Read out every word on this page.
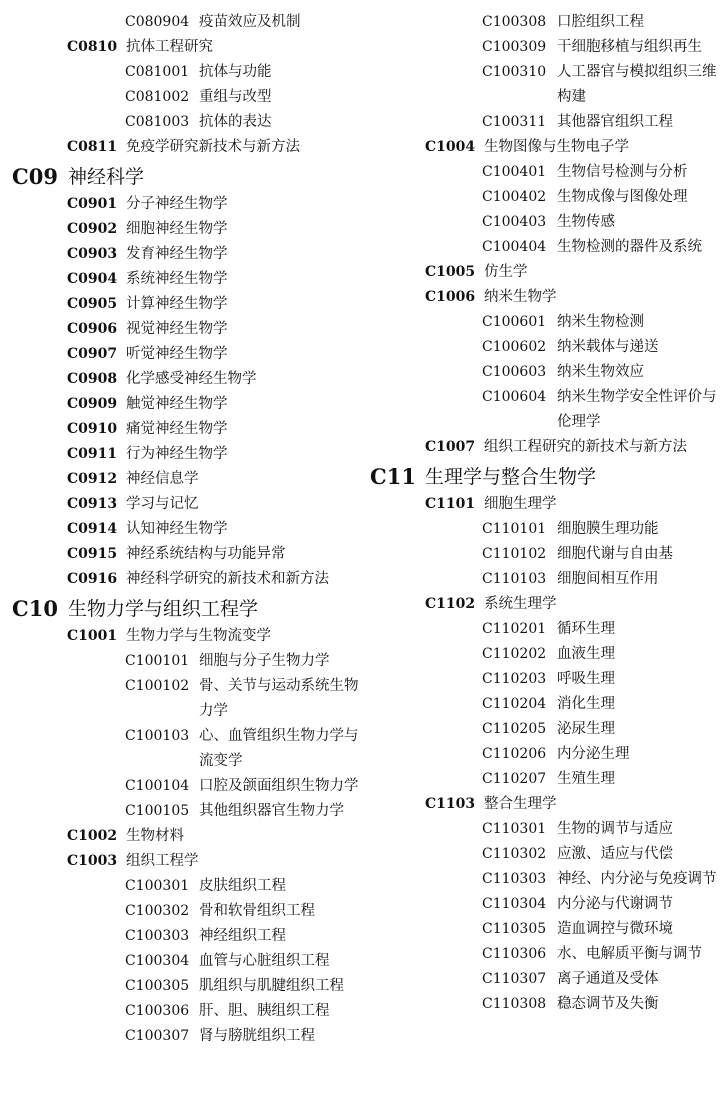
C080904 疫苗效应及机制
C0810 抗体工程研究
C081001 抗体与功能
C081002 重组与改型
C081003 抗体的表达
C0811 免疫学研究新技术与新方法
C09 神经科学
C0901 分子神经生物学
C0902 细胞神经生物学
C0903 发育神经生物学
C0904 系统神经生物学
C0905 计算神经生物学
C0906 视觉神经生物学
C0907 听觉神经生物学
C0908 化学感受神经生物学
C0909 触觉神经生物学
C0910 痛觉神经生物学
C0911 行为神经生物学
C0912 神经信息学
C0913 学习与记忆
C0914 认知神经生物学
C0915 神经系统结构与功能异常
C0916 神经科学研究的新技术和新方法
C10 生物力学与组织工程学
C1001 生物力学与生物流变学
C100101 细胞与分子生物力学
C100102 骨、关节与运动系统生物力学
C100103 心、血管组织生物力学与流变学
C100104 口腔及颌面组织生物力学
C100105 其他组织器官生物力学
C1002 生物材料
C1003 组织工程学
C100301 皮肤组织工程
C100302 骨和软骨组织工程
C100303 神经组织工程
C100304 血管与心脏组织工程
C100305 肌组织与肌腱组织工程
C100306 肝、胆、胰组织工程
C100307 肾与膀胱组织工程
C100308 口腔组织工程
C100309 干细胞移植与组织再生
C100310 人工器官与模拟组织三维构建
C100311 其他器官组织工程
C1004 生物图像与生物电子学
C100401 生物信号检测与分析
C100402 生物成像与图像处理
C100403 生物传感
C100404 生物检测的器件及系统
C1005 仿生学
C1006 纳米生物学
C100601 纳米生物检测
C100602 纳米载体与递送
C100603 纳米生物效应
C100604 纳米生物学安全性评价与伦理学
C1007 组织工程研究的新技术与新方法
C11 生理学与整合生物学
C1101 细胞生理学
C110101 细胞膜生理功能
C110102 细胞代谢与自由基
C110103 细胞间相互作用
C1102 系统生理学
C110201 循环生理
C110202 血液生理
C110203 呼吸生理
C110204 消化生理
C110205 泌尿生理
C110206 内分泌生理
C110207 生殖生理
C1103 整合生理学
C110301 生物的调节与适应
C110302 应激、适应与代偿
C110303 神经、内分泌与免疫调节
C110304 内分泌与代谢调节
C110305 造血调控与微环境
C110306 水、电解质平衡与调节
C110307 离子通道及受体
C110308 稳态调节及失衡
